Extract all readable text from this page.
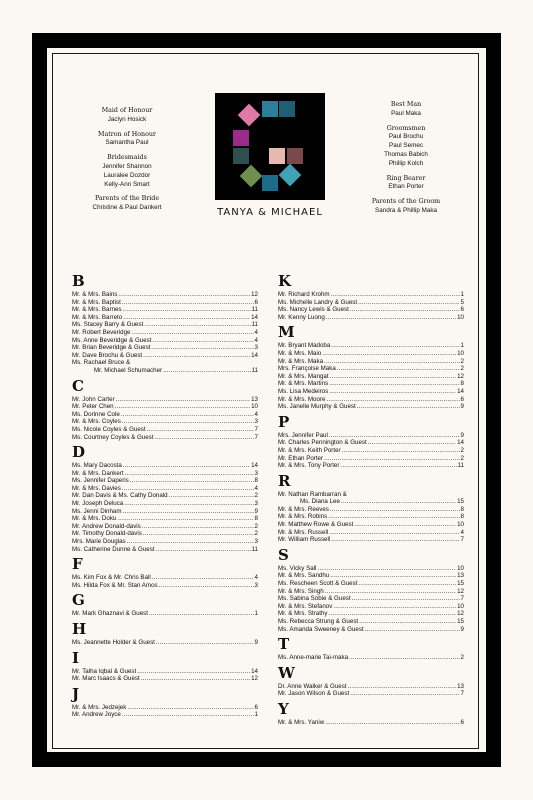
Maid of Honour
Jaclyn Hosick
Matron of Honour
Samantha Paul
Bridesmaids
Jennifer Shannon
Lauralee Dozdor
Kelly-Ann Smart
Parents of the Bride
Christine & Paul Dankert
Best Man
Paul Maka
Groomsmen
Paul Brochu
Paul Semec
Thomas Babich
Phillip Kolch
Ring Bearer
Ethan Porter
Parents of the Groom
Sandra & Phillip Maka
TANYA & MICHAEL
B
Mr. & Mrs. Bains .....	12
Mr. & Mrs. Baptist .....	6
Mr. & Mrs. Barnes .....	11
Mr. & Mrs. Barreto .....	14
Ms. Stacey Barry & Guest .....	11
Mr. Robert Beveridge .....	4
Ms. Anne Beveridge & Guest .....	4
Mr. Brian Beveridge & Guest .....	3
Mr. Dave Brochu & Guest .....	14
Ms. Rachael Bruce &
Mr. Michael Schumacher .....	11
C
Mr. John Carter .....	13
Mr. Peter Chen .....	10
Ms. Dorinne Cole .....	4
Mr. & Mrs. Coyles .....	3
Ms. Nicole Coyles & Guest .....	7
Ms. Courtney Coyles & Guest .....	7
D
Ms. Mary Dacosta .....	14
Mr. & Mrs. Dankert .....	3
Ms. Jennifer Daperis .....	8
Mr. & Mrs. Davies .....	4
Mr. Dan Davis & Ms. Cathy Donald .....	2
Mr. Joseph Deluca .....	3
Ms. Jenni Dinham .....	9
Mr. & Mrs. Doku .....	8
Mr. Andrew Donald-davis .....	2
Mr. Timothy Donald-davis .....	2
Mrs. Marie Douglas .....	3
Ms. Catherine Dunne & Guest .....	11
F
Ms. Kim Fox & Mr. Chris Ball .....	4
Ms. Hilda Fox & Mr. Stan Amos .....	3
G
Mr. Mark Ghaznavi & Guest .....	1
H
Ms. Jeannette Holder & Guest .....	9
I
Mr. Talha Iqbal & Guest .....	14
Mr. Marc Isaacs & Guest .....	12
J
Mr. & Mrs. Jedzejek .....	6
Mr. Andrew Joyce .....	1
K
Mr. Richard Krohm .....	1
Ms. Michelle Landry & Guest .....	5
Ms. Nancy Lewis & Guest .....	6
Mr. Kenny Luong .....	10
M
Mr. Bryant Madoba .....	1
Mr. & Mrs. Maio .....	10
Mr. & Mrs. Maka .....	2
Mrs. Françoise Maka .....	2
Mr. & Mrs. Mangat .....	12
Mr. & Mrs. Martins .....	8
Ms. Lisa Medeiros .....	14
Mr. & Mrs. Moore .....	6
Ms. Janelle Murphy & Guest .....	9
P
Mrs. Jennifer Paul .....	9
Mr. Charles Pennington & Guest .....	14
Mr. & Mrs. Keith Porter .....	2
Mr. Ethan Porter .....	2
Mr. & Mrs. Tony Porter .....	11
R
Mr. Nathan Rambarran &
Ms. Diana Lee .....	15
Mr. & Mrs. Reeves .....	8
Mr. & Mrs. Robins .....	8
Mr. Matthew Rowe & Guest .....	10
Mr. & Mrs. Russell .....	4
Mr. William Russell .....	7
S
Ms. Vicky Sall .....	10
Mr. & Mrs. Sandhu .....	13
Ms. Rescheen Scott & Guest .....	15
Mr. & Mrs. Singh .....	12
Ms. Sabina Sobie & Guest .....	7
Mr. & Mrs. Stefanov .....	10
Mr. & Mrs. Strathy .....	12
Ms. Rebecca Strung & Guest .....	15
Ms. Amanda Sweeney & Guest .....	9
T
Ms. Anne-marie Tai-maka .....	2
W
Dr. Anne Walker & Guest .....	13
Mr. Jason Wilson & Guest .....	7
Y
Mr. & Mrs. Yaniw .....	6
